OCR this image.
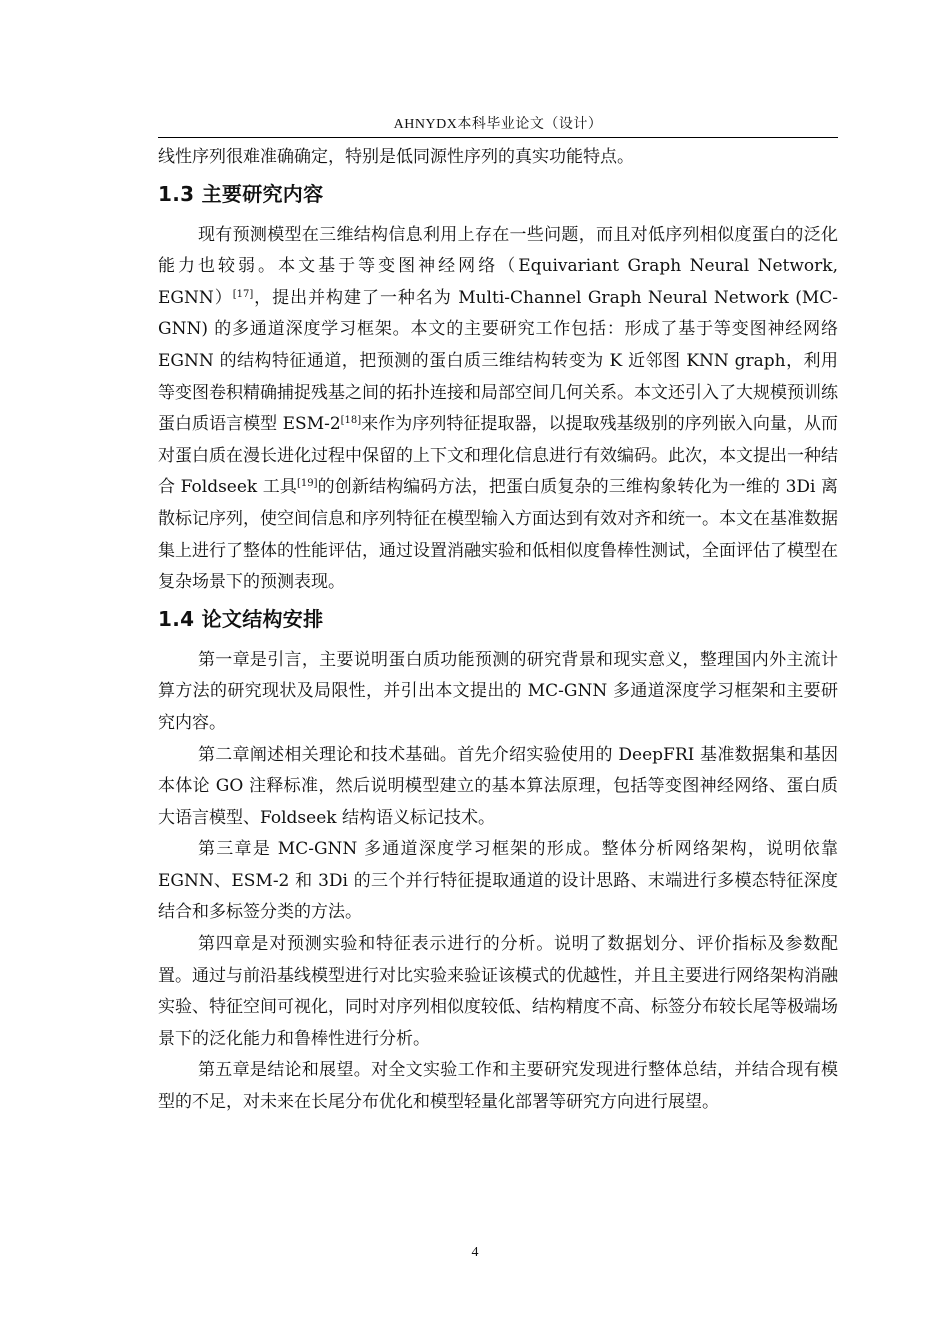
AHNYDX本科毕业论文（设计）

线性序列很难准确确定，特别是低同源性序列的真实功能特点。

1.3 主要研究内容

现有预测模型在三维结构信息利用上存在一些问题，而且对低序列相似度蛋白的泛化能力也较弱。本文基于等变图神经网络（Equivariant Graph Neural Network, EGNN）[17]，提出并构建了一种名为 Multi-Channel Graph Neural Network (MC-GNN) 的多通道深度学习框架。本文的主要研究工作包括：形成了基于等变图神经网络 EGNN 的结构特征通道，把预测的蛋白质三维结构转变为 K 近邻图 KNN graph，利用等变图卷积精确捕捉残基之间的拓扑连接和局部空间几何关系。本文还引入了大规模预训练蛋白质语言模型 ESM-2[18]来作为序列特征提取器，以提取残基级别的序列嵌入向量，从而对蛋白质在漫长进化过程中保留的上下文和理化信息进行有效编码。此次，本文提出一种结合 Foldseek 工具[19]的创新结构编码方法，把蛋白质复杂的三维构象转化为一维的 3Di 离散标记序列，使空间信息和序列特征在模型输入方面达到有效对齐和统一。本文在基准数据集上进行了整体的性能评估，通过设置消融实验和低相似度鲁棒性测试，全面评估了模型在复杂场景下的预测表现。

1.4 论文结构安排

第一章是引言，主要说明蛋白质功能预测的研究背景和现实意义，整理国内外主流计算方法的研究现状及局限性，并引出本文提出的 MC-GNN 多通道深度学习框架和主要研究内容。

第二章阐述相关理论和技术基础。首先介绍实验使用的 DeepFRI 基准数据集和基因本体论 GO 注释标准，然后说明模型建立的基本算法原理，包括等变图神经网络、蛋白质大语言模型、Foldseek 结构语义标记技术。

第三章是 MC-GNN 多通道深度学习框架的形成。整体分析网络架构，说明依靠 EGNN、ESM-2 和 3Di 的三个并行特征提取通道的设计思路、末端进行多模态特征深度结合和多标签分类的方法。

第四章是对预测实验和特征表示进行的分析。说明了数据划分、评价指标及参数配置。通过与前沿基线模型进行对比实验来验证该模式的优越性，并且主要进行网络架构消融实验、特征空间可视化，同时对序列相似度较低、结构精度不高、标签分布较长尾等极端场景下的泛化能力和鲁棒性进行分析。

第五章是结论和展望。对全文实验工作和主要研究发现进行整体总结，并结合现有模型的不足，对未来在长尾分布优化和模型轻量化部署等研究方向进行展望。

4
